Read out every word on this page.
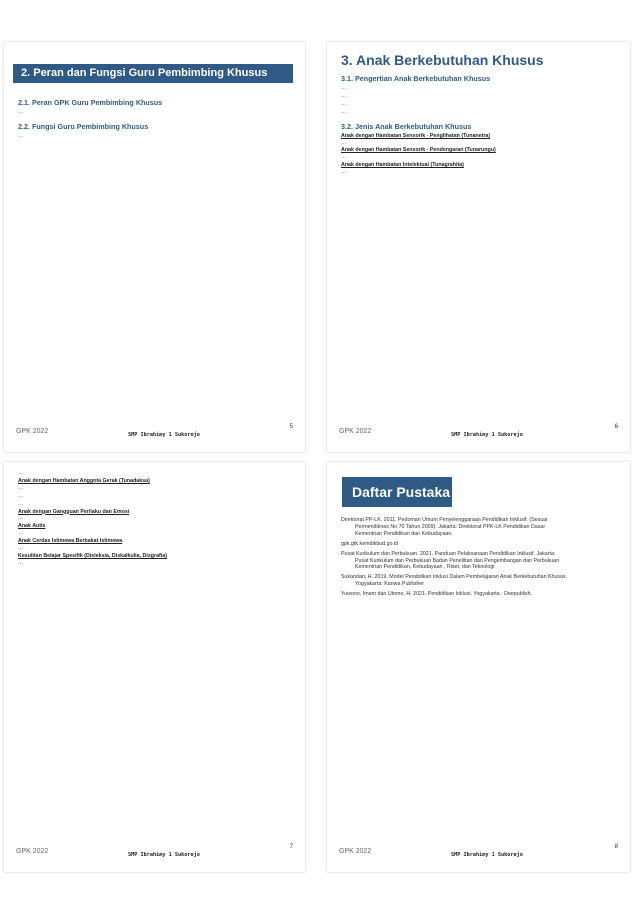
2. Peran dan Fungsi Guru Pembimbing Khusus
2.1. Peran GPK Guru Pembimbing Khusus

…

2.2. Fungsi Guru Pembimbing Khusus

…

GPK 2022	SMP Ibrahimy 1 Sukorejo
5
3. Anak Berkebutuhan Khusus
3.1. Pengertian Anak Berkebutuhan Khusus

…

…

…

…

3.2. Jenis Anak Berkebutuhan Khusus
Anak dengan Hambatan Sensorik - Penglihatan (Tunanetra)

…

Anak dengan Hambatan Sensorik - Pendengaran (Tunarungu)

…

Anak dengan Hambatan Intelektual (Tunagrahita)

…

GPK 2022	SMP Ibrahimy 1 Sukorejo
6

…

Anak dengan Hambatan Anggota Gerak (Tunadaksa)

…

…

…

Anak dengan Gangguan Perilaku dan Emosi

…

Anak Autis

…

Anak Cerdas Istimewa Berbakat Istimewa

…

Kesulitan Belajar Spesifik (Disleksia, Diskalkulia, Disgrafia)

…

GPK 2022	SMP Ibrahimy 1 Sukorejo
7
Daftar Pustaka
Direktorat PP-LK. 2011. Pedoman Umum Penyelenggaraan Pendidikan Inklusif. (Sesuai
Permendiknas No 70 Tahun 2009). Jakarta: Direktorat PPK-LK Pendidikan Dasar
Kementrian Pendidikan dan Kebudayaan.
gpk.gtk.kemdikbud.go.id
Pusat Kurikulum dan Perbukuan. 2021. Panduan Pelaksanaan Pendidikan Inklusif. Jakarta:
Pusat Kurikulum dan Perbukuan Badan Penelitian dan Pengembangan dan Perbukuan
Kementrian Pendidikan, Kebudayaan , Riset, dan Teknologi
Sukandari, H. 2019. Model Pendidikan Inklusi Dalam Pembelajaran Anak Berkebutuhan Khusus.
Yogyakarta: Kanwa Publisher
Yuwono, Imam dan Utomo, H. 2021. Pendidikan Inklusi. Yogyakarta : Deepublish.
GPK 2022	SMP Ibrahimy 1 Sukorejo
8
